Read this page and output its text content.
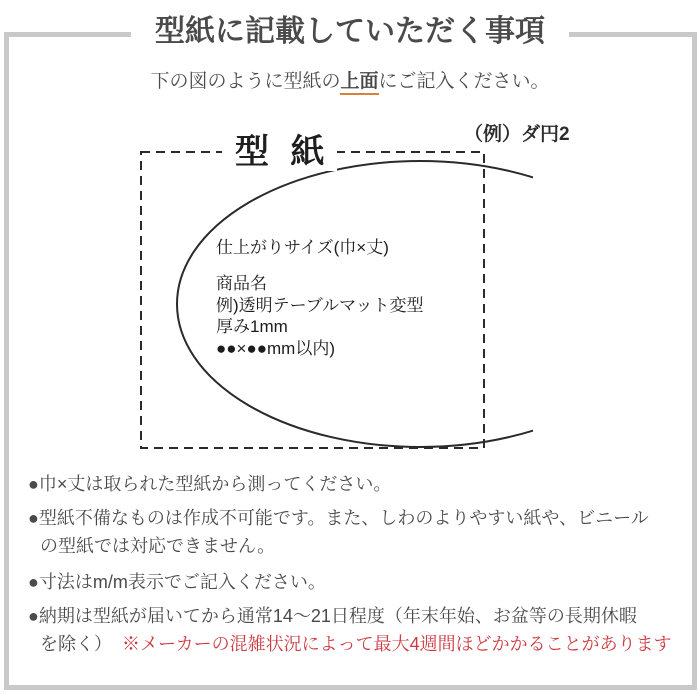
型紙に記載していただく事項

下の図のように型紙の上面にご記入ください。

（例）ダ円2
型 紙
仕上がりサイズ(巾×丈)
商品名
例)透明テーブルマット変型
厚み1mm
●●×●●mm以内)
●巾×丈は取られた型紙から測ってください。
●型紙不備なものは作成不可能です。また、しわのよりやすい紙や、ビニール
の型紙では対応できません。
●寸法はm/m表示でご記入ください。
●納期は型紙が届いてから通常14～21日程度（年末年始、お盆等の長期休暇
を除く） ※メーカーの混雑状況によって最大4週間ほどかかることがあります
